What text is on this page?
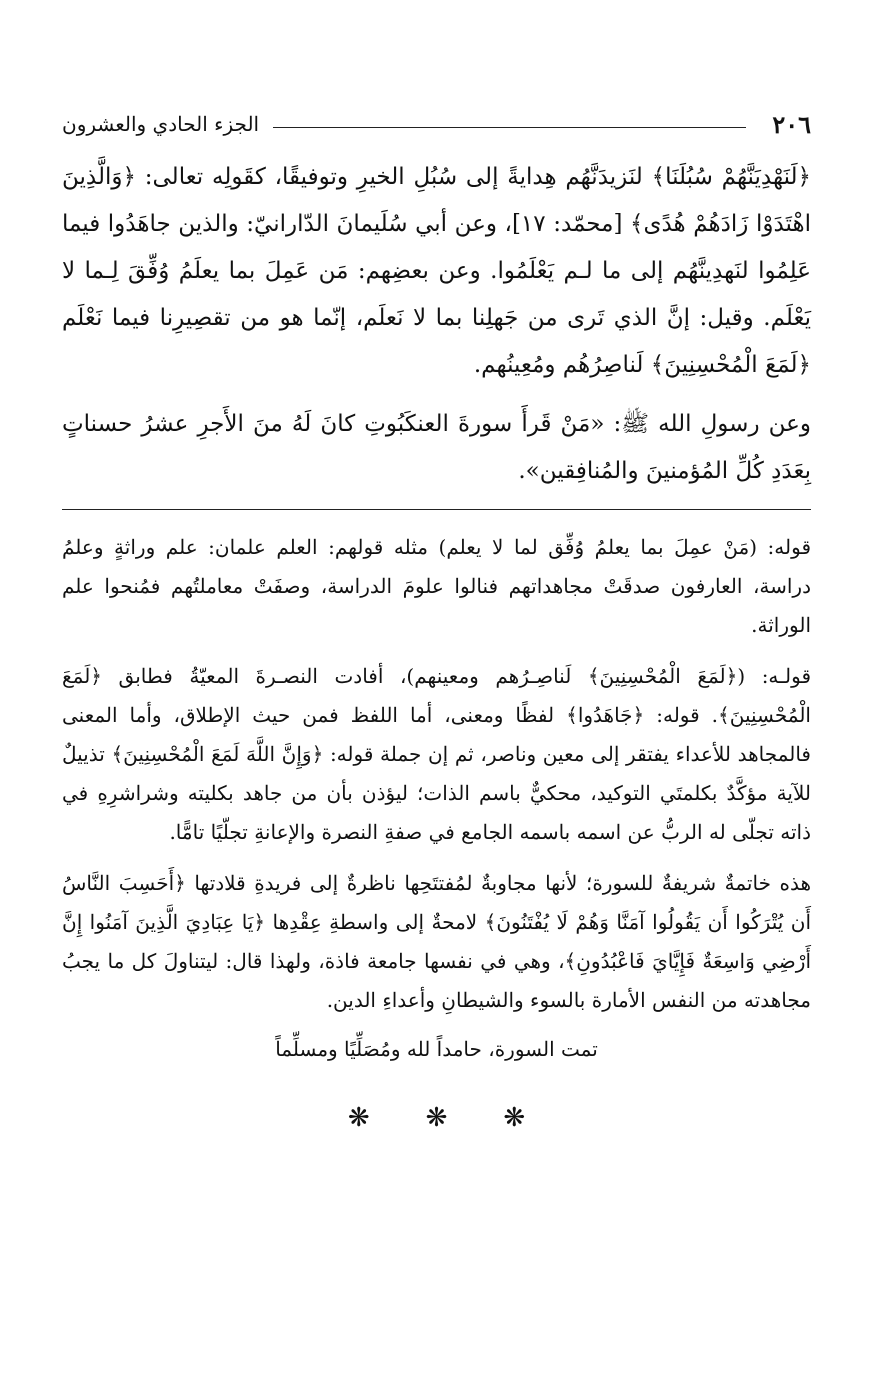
٢٠٦
الجزء الحادي والعشرون

﴿لَنَهْدِيَنَّهُمْ سُبُلَنَا﴾ لنَزيدَنَّهُم هِدايةً إلى سُبُلِ الخيرِ وتوفيقًا، كقَولِه تعالى: ﴿وَالَّذِينَ اهْتَدَوْا زَادَهُمْ هُدًى﴾ [محمّد: ١٧]، وعن أبي سُلَيمانَ الدّارانيّ: والذين جاهَدُوا فيما عَلِمُوا لنَهدِينَّهُم إلى ما لـم يَعْلَمُوا. وعن بعضِهم: مَن عَمِلَ بما يعلَمُ وُفِّقَ لِـما لا يَعْلَم. وقيل: إنَّ الذي تَرى من جَهلِنا بما لا نَعلَم، إنّما هو من تقصِيرِنا فيما نَعْلَم ﴿لَمَعَ الْمُحْسِنِينَ﴾ لَناصِرُهُم ومُعِينُهم.

وعن رسولِ الله ﷺ: «مَنْ قَرأَ سورةَ العنكَبُوتِ كانَ لَهُ منَ الأَجرِ عشرُ حسناتٍ بِعَدَدِ كُلِّ المُؤمنينَ والمُنافِقين».

قوله: (مَنْ عمِلَ بما يعلمُ وُفِّق لما لا يعلم) مثله قولهم: العلم علمان: علم وراثةٍ وعلمُ دراسة، العارفون صدقَتْ مجاهداتهم فنالوا علومَ الدراسة، وصفَتْ معاملتُهم فمُنحوا علم الوراثة.

قولـه: (﴿لَمَعَ الْمُحْسِنِينَ﴾ لَناصِـرُهم ومعينهم)، أفادت النصـرةَ المعيّةُ فطابق ﴿لَمَعَ الْمُحْسِنِينَ﴾. قوله: ﴿جَاهَدُوا﴾ لفظًا ومعنى، أما اللفظ فمن حيث الإطلاق، وأما المعنى فالمجاهد للأعداء يفتقر إلى معين وناصر، ثم إن جملة قوله: ﴿وَإِنَّ اللَّهَ لَمَعَ الْمُحْسِنِينَ﴾ تذييلٌ للآية مؤكَّدٌ بكلمتَي التوكيد، محكيٌّ باسم الذات؛ ليؤذن بأن من جاهد بكليته وشراشرِهِ في ذاته تجلّى له الربُّ عن اسمه باسمه الجامع في صفةِ النصرة والإعانةِ تجلّيًا تامًّا.

هذه خاتمةٌ شريفةٌ للسورة؛ لأنها مجاوبةٌ لمُفتتَحِها ناظرةٌ إلى فريدةِ قلادتها ﴿أَحَسِبَ النَّاسُ أَن يُتْرَكُوا أَن يَقُولُوا آمَنَّا وَهُمْ لَا يُفْتَنُونَ﴾ لامحةٌ إلى واسطةِ عِقْدِها ﴿يَا عِبَادِيَ الَّذِينَ آمَنُوا إِنَّ أَرْضِي وَاسِعَةٌ فَإِيَّايَ فَاعْبُدُونِ﴾، وهي في نفسها جامعة فاذة، ولهذا قال: ليتناولَ كل ما يجبُ مجاهدته من النفس الأمارة بالسوء والشيطانِ وأعداءِ الدين.

تمت السورة، حامداً لله ومُصَلِّيًا ومسلِّماً

❋
❋
❋
